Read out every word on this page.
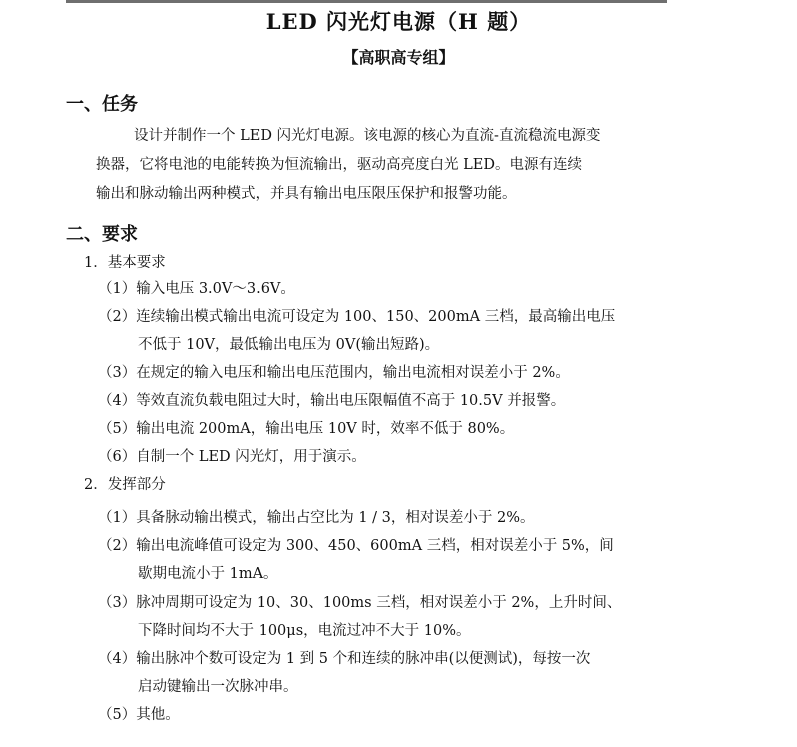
LED 闪光灯电源（H 题）
【高职高专组】
一、任务
设计并制作一个 LED 闪光灯电源。该电源的核心为直流-直流稳流电源变
换器，它将电池的电能转换为恒流输出，驱动高亮度白光 LED。电源有连续
输出和脉动输出两种模式，并具有输出电压限压保护和报警功能。
二、要求
1．基本要求
（1）输入电压 3.0V～3.6V。
（2）连续输出模式输出电流可设定为 100、150、200mA 三档，最高输出电压
不低于 10V，最低输出电压为 0V(输出短路)。
（3）在规定的输入电压和输出电压范围内，输出电流相对误差小于 2%。
（4）等效直流负载电阻过大时，输出电压限幅值不高于 10.5V 并报警。
（5）输出电流 200mA，输出电压 10V 时，效率不低于 80%。
（6）自制一个 LED 闪光灯，用于演示。
2．发挥部分
（1）具备脉动输出模式，输出占空比为 1 / 3，相对误差小于 2%。
（2）输出电流峰值可设定为 300、450、600mA 三档，相对误差小于 5%，间
歇期电流小于 1mA。
（3）脉冲周期可设定为 10、30、100ms 三档，相对误差小于 2%，上升时间、
下降时间均不大于 100μs，电流过冲不大于 10%。
（4）输出脉冲个数可设定为 1 到 5 个和连续的脉冲串(以便测试)，每按一次
启动键输出一次脉冲串。
（5）其他。
